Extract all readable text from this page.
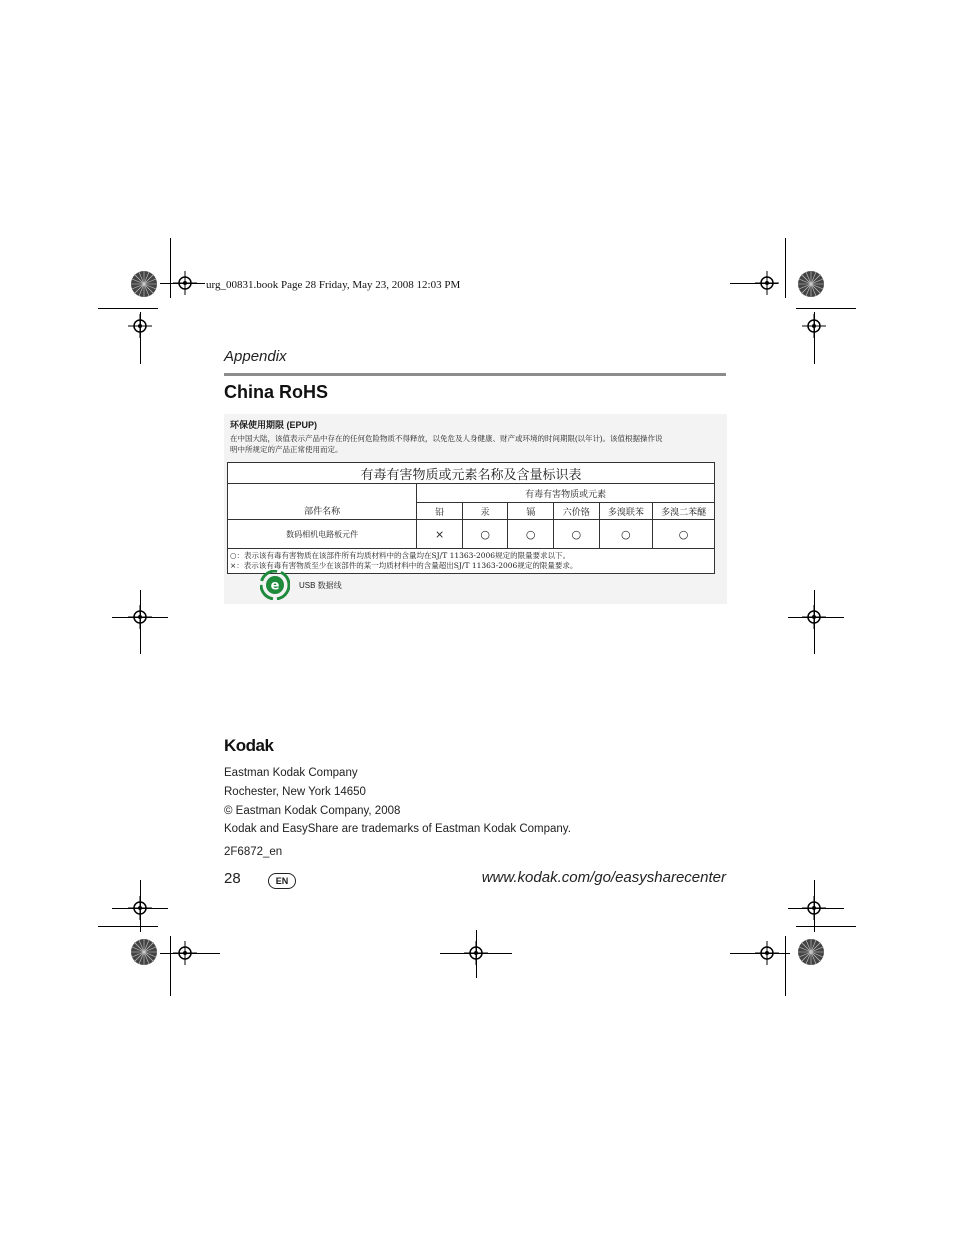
urg_00831.book Page 28 Friday, May 23, 2008 12:03 PM
Appendix
China RoHS
环保使用期限 (EPUP)
在中国大陆，该值表示产品中存在的任何危险物质不得释放，以免危及人身健康、财产或环境的时间期限(以年计)。该值根据操作说
明中所规定的产品正常使用而定。
有毒有害物质或元素名称及含量标识表						
部件名称	有毒有害物质或元素					
	铅	汞	镉	六价铬	多溴联苯	多溴二苯醚
数码相机电路板元件	×	○	○	○	○	○

○：表示该有毒有害物质在该部件所有均质材料中的含量均在SJ/T 11363-2006规定的限量要求以下。
×：表示该有毒有害物质至少在该部件的某一均质材料中的含量超出SJ/T 11363-2006规定的限量要求。						
e USB 数据线
Kodak
Eastman Kodak Company
Rochester, New York 14650
© Eastman Kodak Company, 2008
Kodak and EasyShare are trademarks of Eastman Kodak Company.
2F6872_en
28	EN	www.kodak.com/go/easysharecenter
